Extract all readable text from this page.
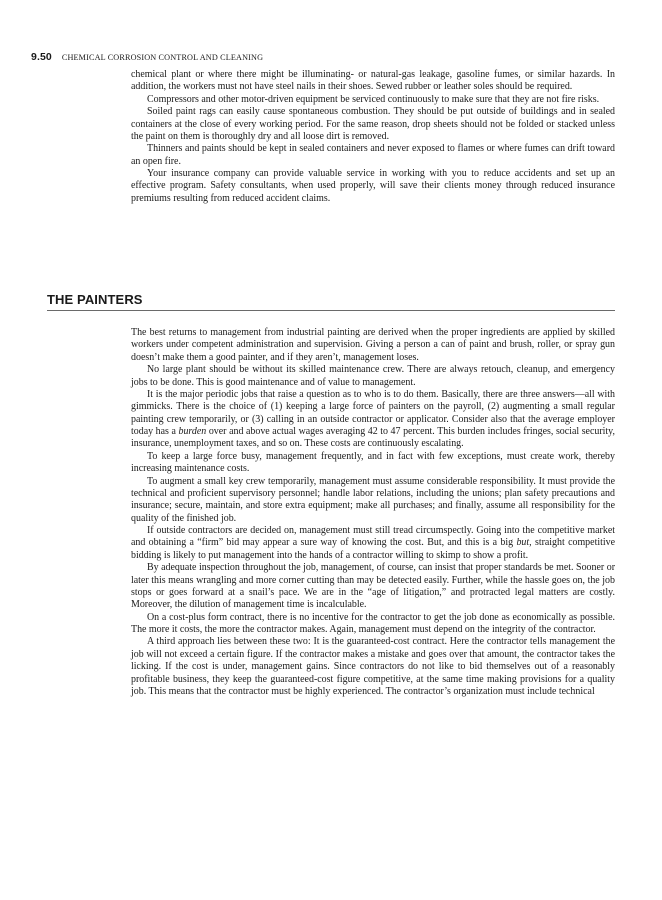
9.50 CHEMICAL CORROSION CONTROL AND CLEANING

chemical plant or where there might be illuminating- or natural-gas leakage, gasoline fumes, or similar hazards. In addition, the workers must not have steel nails in their shoes. Sewed rubber or leather soles should be required.

Compressors and other motor-driven equipment be serviced continuously to make sure that they are not fire risks.

Soiled paint rags can easily cause spontaneous combustion. They should be put outside of buildings and in sealed containers at the close of every working period. For the same reason, drop sheets should not be folded or stacked unless the paint on them is thoroughly dry and all loose dirt is removed.

Thinners and paints should be kept in sealed containers and never exposed to flames or where fumes can drift toward an open fire.

Your insurance company can provide valuable service in working with you to reduce accidents and set up an effective program. Safety consultants, when used properly, will save their clients money through reduced insurance premiums resulting from reduced accident claims.

THE PAINTERS

The best returns to management from industrial painting are derived when the proper ingredients are applied by skilled workers under competent administration and supervision. Giving a person a can of paint and brush, roller, or spray gun doesn’t make them a good painter, and if they aren’t, management loses.

No large plant should be without its skilled maintenance crew. There are always retouch, cleanup, and emergency jobs to be done. This is good maintenance and of value to management.

It is the major periodic jobs that raise a question as to who is to do them. Basically, there are three answers—all with gimmicks. There is the choice of (1) keeping a large force of painters on the payroll, (2) augmenting a small regular painting crew temporarily, or (3) calling in an outside contractor or applicator. Consider also that the average employer today has a burden over and above actual wages averaging 42 to 47 percent. This burden includes fringes, social security, insurance, unemployment taxes, and so on. These costs are continuously escalating.

To keep a large force busy, management frequently, and in fact with few exceptions, must create work, thereby increasing maintenance costs.

To augment a small key crew temporarily, management must assume considerable responsibility. It must provide the technical and proficient supervisory personnel; handle labor relations, including the unions; plan safety precautions and insurance; secure, maintain, and store extra equipment; make all purchases; and finally, assume all responsibility for the quality of the finished job.

If outside contractors are decided on, management must still tread circumspectly. Going into the competitive market and obtaining a “firm” bid may appear a sure way of knowing the cost. But, and this is a big but, straight competitive bidding is likely to put management into the hands of a contractor willing to skimp to show a profit.

By adequate inspection throughout the job, management, of course, can insist that proper standards be met. Sooner or later this means wrangling and more corner cutting than may be detected easily. Further, while the hassle goes on, the job stops or goes forward at a snail’s pace. We are in the “age of litigation,” and protracted legal matters are costly. Moreover, the dilution of management time is incalculable.

On a cost-plus form contract, there is no incentive for the contractor to get the job done as economically as possible. The more it costs, the more the contractor makes. Again, management must depend on the integrity of the contractor.

A third approach lies between these two: It is the guaranteed-cost contract. Here the contractor tells management the job will not exceed a certain figure. If the contractor makes a mistake and goes over that amount, the contractor takes the licking. If the cost is under, management gains. Since contractors do not like to bid themselves out of a reasonably profitable business, they keep the guaranteed-cost figure competitive, at the same time making provisions for a quality job. This means that the contractor must be highly experienced. The contractor’s organization must include technical
